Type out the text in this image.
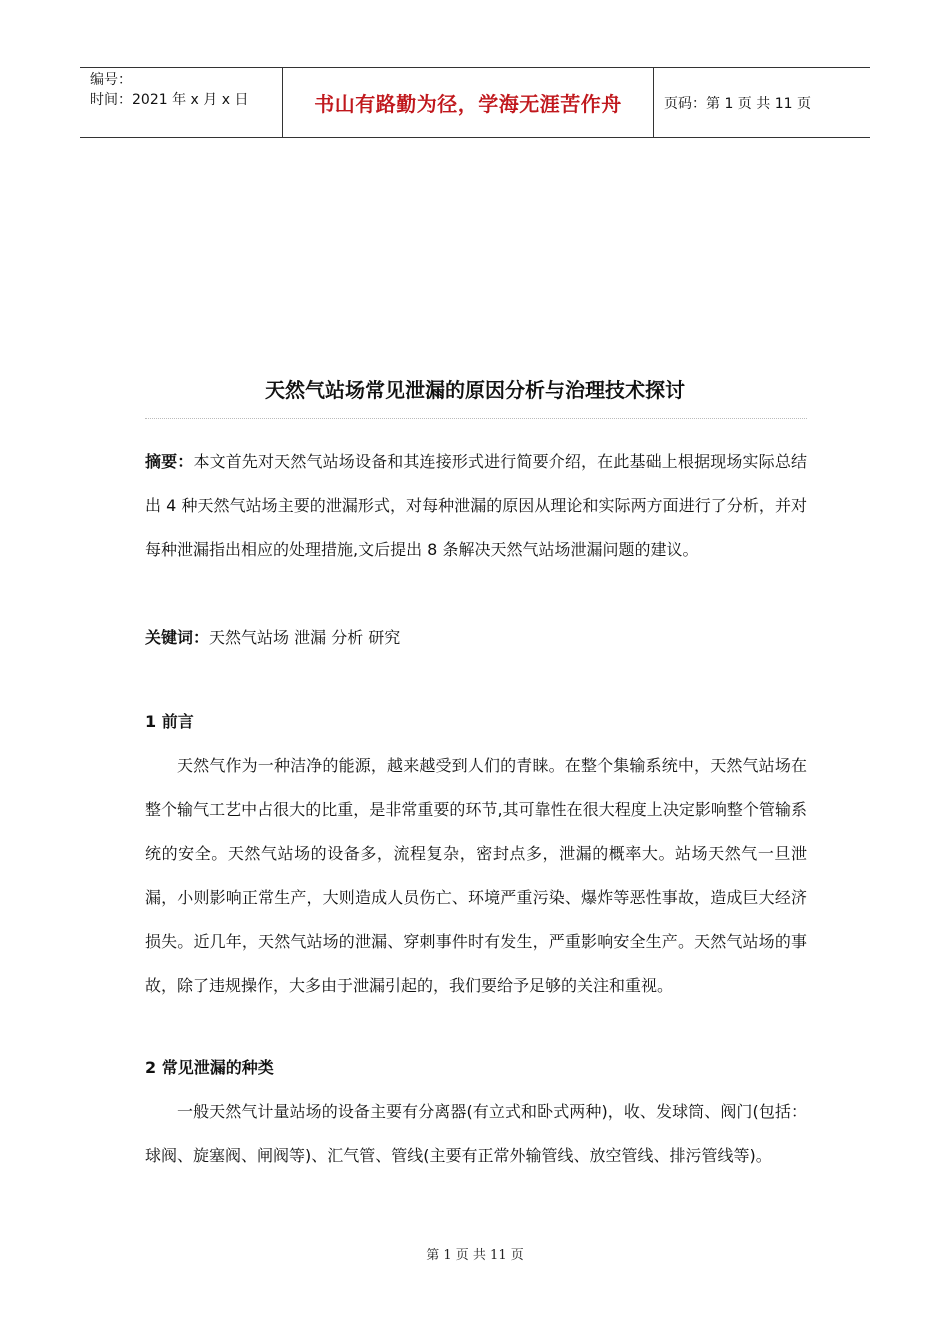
编号：
时间：2021 年 x 月 x 日	书山有路勤为径，学海无涯苦作舟	页码：第 1 页 共 11 页
天然气站场常见泄漏的原因分析与治理技术探讨

摘要：本文首先对天然气站场设备和其连接形式进行简要介绍，在此基础上根据现场实际总结出 4 种天然气站场主要的泄漏形式，对每种泄漏的原因从理论和实际两方面进行了分析，并对每种泄漏指出相应的处理措施,文后提出 8 条解决天然气站场泄漏问题的建议。

关键词：天然气站场 泄漏 分析 研究

1 前言

天然气作为一种洁净的能源，越来越受到人们的青睐。在整个集输系统中，天然气站场在整个输气工艺中占很大的比重，是非常重要的环节,其可靠性在很大程度上决定影响整个管输系统的安全。天然气站场的设备多，流程复杂，密封点多，泄漏的概率大。站场天然气一旦泄漏，小则影响正常生产，大则造成人员伤亡、环境严重污染、爆炸等恶性事故，造成巨大经济损失。近几年，天然气站场的泄漏、穿刺事件时有发生，严重影响安全生产。天然气站场的事故，除了违规操作，大多由于泄漏引起的，我们要给予足够的关注和重视。

2 常见泄漏的种类

一般天然气计量站场的设备主要有分离器(有立式和卧式两种)，收、发球筒、阀门(包括：球阀、旋塞阀、闸阀等)、汇气管、管线(主要有正常外输管线、放空管线、排污管线等)。

第 1 页 共 11 页
